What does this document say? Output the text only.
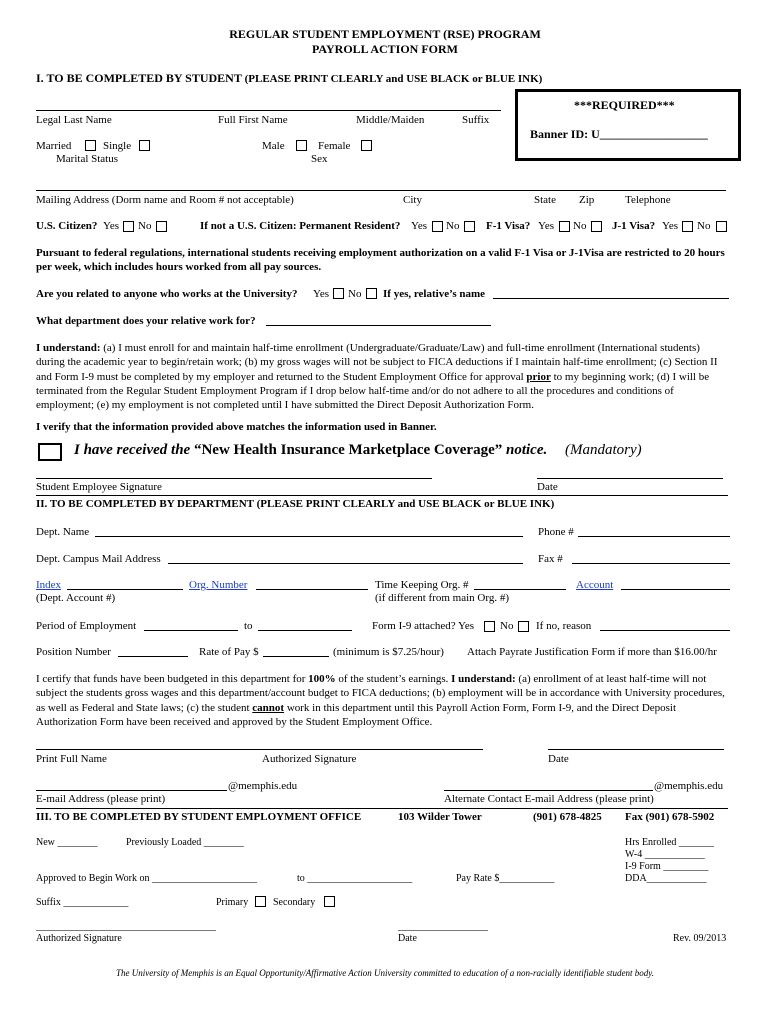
REGULAR STUDENT EMPLOYMENT (RSE) PROGRAM
PAYROLL ACTION FORM
I. TO BE COMPLETED BY STUDENT (PLEASE PRINT CLEARLY and USE BLACK or BLUE INK)
***REQUIRED***
Banner ID: U__________________
Legal Last Name	Full First Name	Middle/Maiden	Suffix
Married	Single
Marital Status
Male	Female
Sex
Mailing Address (Dorm name and Room # not acceptable)	City	State Zip	Telephone
U.S. Citizen? Yes No	If not a U.S. Citizen: Permanent Resident? Yes No F-1 Visa? Yes No J-1 Visa? Yes No
Pursuant to federal regulations, international students receiving employment authorization on a valid F-1 Visa or J-1Visa are restricted to 20 hours per week, which includes hours worked from all pay sources.
Are you related to anyone who works at the University? Yes No If yes, relative’s name
What department does your relative work for?
I understand: (a) I must enroll for and maintain half-time enrollment (Undergraduate/Graduate/Law) and full-time enrollment (International students) during the academic year to begin/retain work; (b) my gross wages will not be subject to FICA deductions if I maintain half-time enrollment; (c) Section II and Form I-9 must be completed by my employer and returned to the Student Employment Office for approval prior to my beginning work; (d) I will be terminated from the Regular Student Employment Program if I drop below half-time and/or do not adhere to all the procedures and conditions of employment; (e) my employment is not completed until I have submitted the Direct Deposit Authorization Form.
I verify that the information provided above matches the information used in Banner.
I have received the “New Health Insurance Marketplace Coverage” notice. (Mandatory)
Student Employee Signature	Date
II. TO BE COMPLETED BY DEPARTMENT (PLEASE PRINT CLEARLY and USE BLACK or BLUE INK)
Dept. Name	Phone #
Dept. Campus Mail Address	Fax #
Index	Org. Number	Time Keeping Org. #	Account
(Dept. Account #)	(if different from main Org. #)
Period of Employment	to	Form I-9 attached? Yes No If no, reason
Position Number	Rate of Pay $	(minimum is $7.25/hour) Attach Payrate Justification Form if more than $16.00/hr
I certify that funds have been budgeted in this department for 100% of the student’s earnings. I understand: (a) enrollment of at least half-time will not subject the students gross wages and this department/account budget to FICA deductions; (b) employment will be in accordance with University procedures, as well as Federal and State laws; (c) the student cannot work in this department until this Payroll Action Form, Form I-9, and the Direct Deposit Authorization Form have been received and approved by the Student Employment Office.
Print Full Name	Authorized Signature	Date
@memphis.edu	@memphis.edu
E-mail Address (please print)	Alternate Contact E-mail Address (please print)
III. TO BE COMPLETED BY STUDENT EMPLOYMENT OFFICE	103 Wilder Tower	(901) 678-4825 Fax (901) 678-5902
New ________	Previously Loaded ________	Hrs Enrolled _______
W-4 ____________
I-9 Form _________
DDA____________
Approved to Begin Work on _____________________	to _____________________	Pay Rate $___________
Suffix _____________	Primary Secondary
____________________________________	__________________
Authorized Signature	Date	Rev. 09/2013
The University of Memphis is an Equal Opportunity/Affirmative Action University committed to education of a non-racially identifiable student body.
